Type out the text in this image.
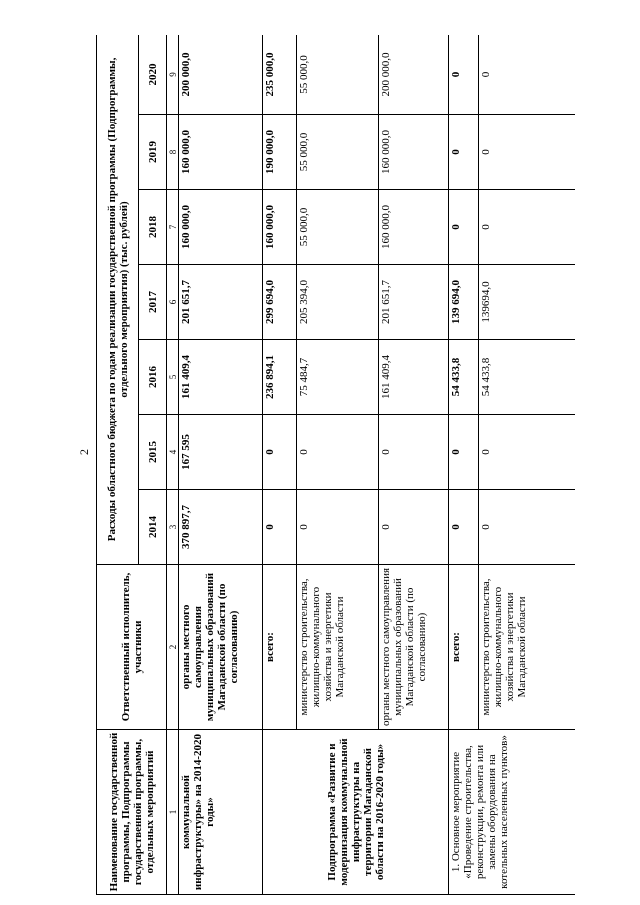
2
Наименование государственной программы, Подпрограммы государственной программы, отдельных мероприятий	Ответственный исполнитель, участники	Расходы областного бюджета по годам реализации государственной программы (Подпрограммы, отдельного мероприятия) (тыс. рублей)						
		2014	2015	2016	2017	2018	2019	2020
1	2	3	4	5	6	7	8	9
коммунальной инфраструктуры» на 2014-2020 годы»	органы местного самоуправления муниципальных образований Магаданской области (по согласованию)	370 897,7	167 595	161 409,4	201 651,7	160 000,0	160 000,0	200 000,0
Подпрограмма «Развитие и модернизация коммунальной инфраструктуры на территории Магаданской области на 2016-2020 годы»	всего:	0	0	236 894,1	299 694,0	160 000,0	190 000,0	235 000,0
	министерство строительства, жилищно-коммунального хозяйства и энергетики Магаданской области	0	0	75 484,7	205 394,0	55 000,0	55 000,0	55 000,0
	органы местного самоуправления муниципальных образований Магаданской области (по согласованию)	0	0	161 409,4	201 651,7	160 000,0	160 000,0	200 000,0
1. Основное мероприятие «Проведение строительства, реконструкции, ремонта или замены оборудования на котельных населенных пунктов»	всего:	0	0	54 433,8	139 694,0	0	0	0
	министерство строительства, жилищно-коммунального хозяйства и энергетики Магаданской области	0	0	54 433,8	139694,0	0	0	0
